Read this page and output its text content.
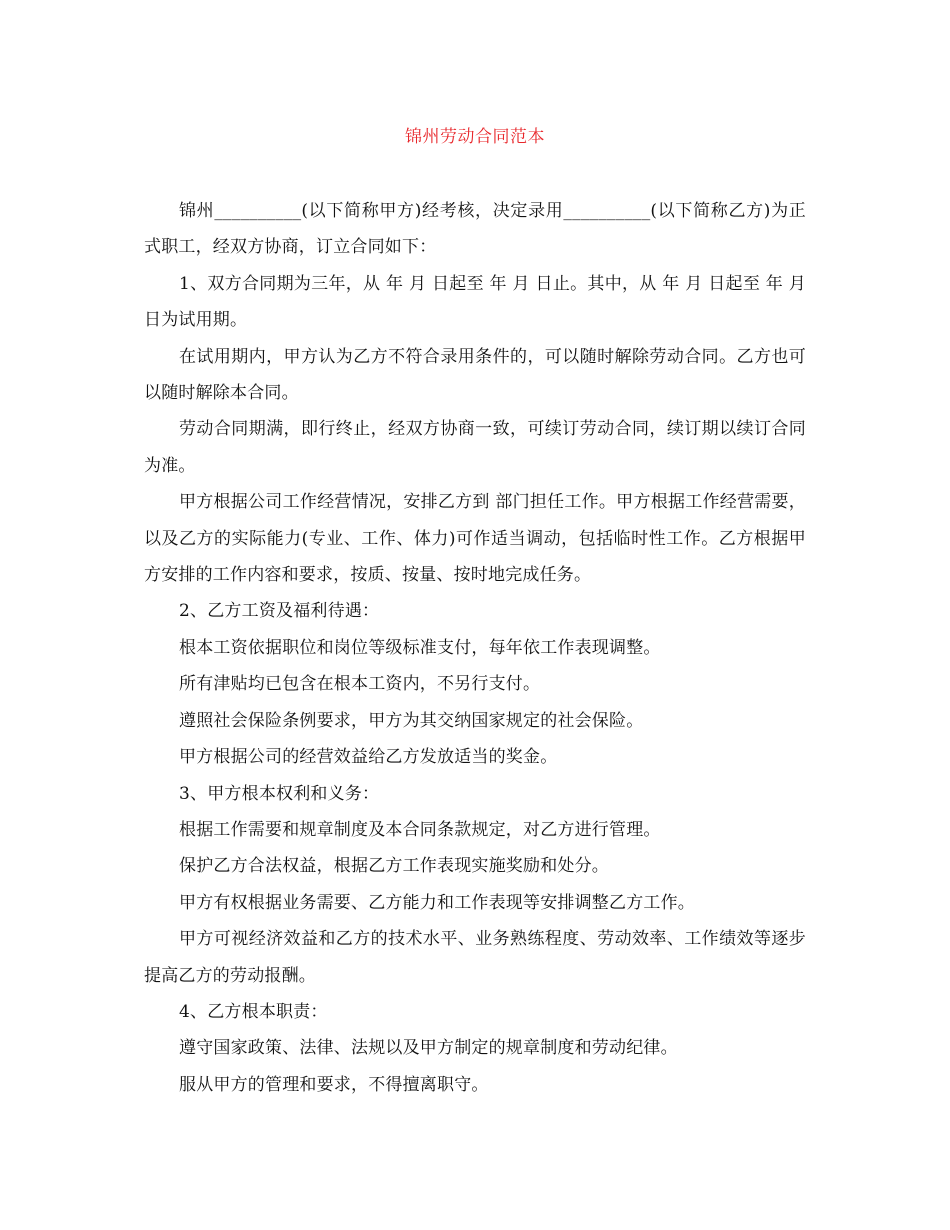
锦州劳动合同范本

锦州__________(以下简称甲方)经考核，决定录用__________(以下简称乙方)为正式职工，经双方协商，订立合同如下：

1、双方合同期为三年，从 年 月 日起至 年 月 日止。其中，从 年 月 日起至 年 月 日为试用期。

在试用期内，甲方认为乙方不符合录用条件的，可以随时解除劳动合同。乙方也可以随时解除本合同。

劳动合同期满，即行终止，经双方协商一致，可续订劳动合同，续订期以续订合同为准。

甲方根据公司工作经营情况，安排乙方到 部门担任工作。甲方根据工作经营需要，以及乙方的实际能力(专业、工作、体力)可作适当调动，包括临时性工作。乙方根据甲方安排的工作内容和要求，按质、按量、按时地完成任务。

2、乙方工资及福利待遇：

根本工资依据职位和岗位等级标准支付，每年依工作表现调整。

所有津贴均已包含在根本工资内，不另行支付。

遵照社会保险条例要求，甲方为其交纳国家规定的社会保险。

甲方根据公司的经营效益给乙方发放适当的奖金。

3、甲方根本权利和义务：

根据工作需要和规章制度及本合同条款规定，对乙方进行管理。

保护乙方合法权益，根据乙方工作表现实施奖励和处分。

甲方有权根据业务需要、乙方能力和工作表现等安排调整乙方工作。

甲方可视经济效益和乙方的技术水平、业务熟练程度、劳动效率、工作绩效等逐步提高乙方的劳动报酬。

4、乙方根本职责：

遵守国家政策、法律、法规以及甲方制定的规章制度和劳动纪律。

服从甲方的管理和要求，不得擅离职守。
